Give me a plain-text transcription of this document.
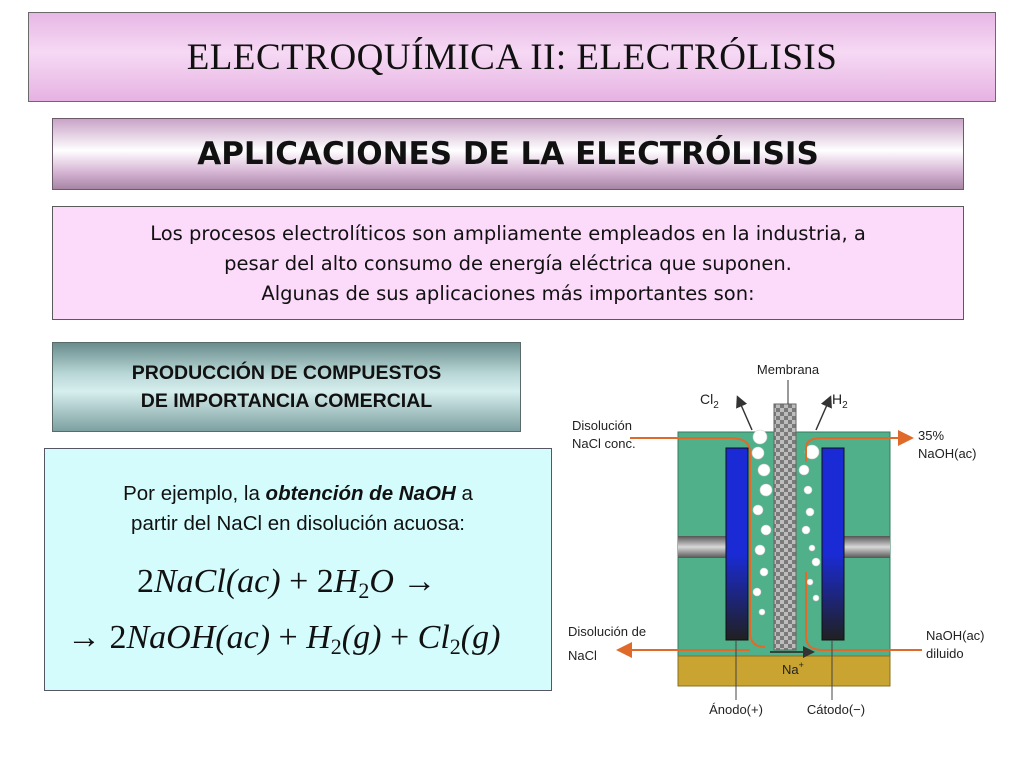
ELECTROQUÍMICA II: ELECTRÓLISIS
APLICACIONES DE LA ELECTRÓLISIS
Los procesos electrolíticos son ampliamente empleados en la industria, a
pesar del alto consumo de energía eléctrica que suponen.
Algunas de sus aplicaciones más importantes son:
PRODUCCIÓN DE COMPUESTOS
DE IMPORTANCIA COMERCIAL
Por ejemplo, la obtención de NaOH a
partir del NaCl en disolución acuosa:
2NaCl(ac) + $2H_2O$ →
→ 2NaOH(ac) + $H_2(g) + Cl_2(g)$
Membrana
$Cl_2$	$H_2$
Disolución
NaCl conc.
35%
NaOH(ac)
Disolución de
NaCl
NaOH(ac)
diluido
Na+
Ánodo(+)	Cátodo(−)
